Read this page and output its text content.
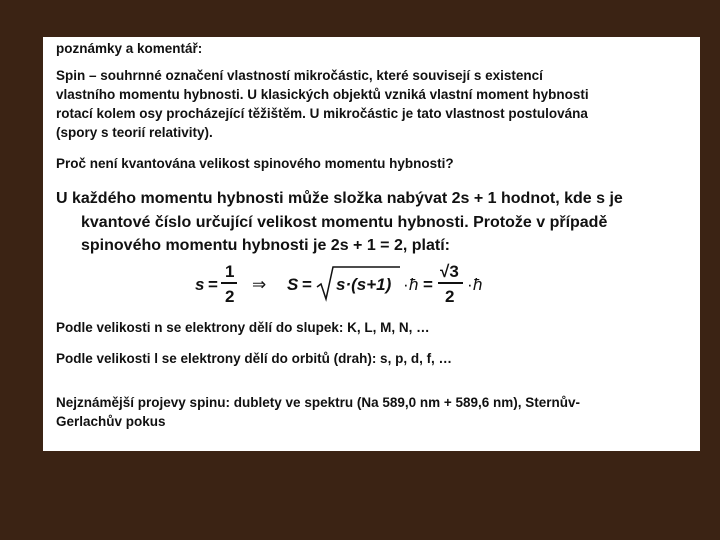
poznámky a komentář:
Spin – souhrnné označení vlastností mikročástic, které souvisejí s existencí
vlastního momentu hybnosti. U klasických objektů vzniká vlastní moment hybnosti
rotací kolem osy procházející těžištěm. U mikročástic je tato vlastnost postulována
(spory s teorií relativity).
Proč není kvantována velikost spinového momentu hybnosti?
U každého momentu hybnosti může složka nabývat 2s + 1 hodnot, kde s je
kvantové číslo určující velikost momentu hybnosti. Protože v případě
spinového momentu hybnosti je 2s + 1 = 2, platí:
s =
1
2
⇒ S = s·(s+1) · ħ =
√3
2
· ħ
Podle velikosti n se elektrony dělí do slupek: K, L, M, N, …
Podle velikosti l se elektrony dělí do orbitů (drah): s, p, d, f, …
Nejznámější projevy spinu: dublety ve spektru (Na 589,0 nm + 589,6 nm), Sternův-
Gerlachův pokus
